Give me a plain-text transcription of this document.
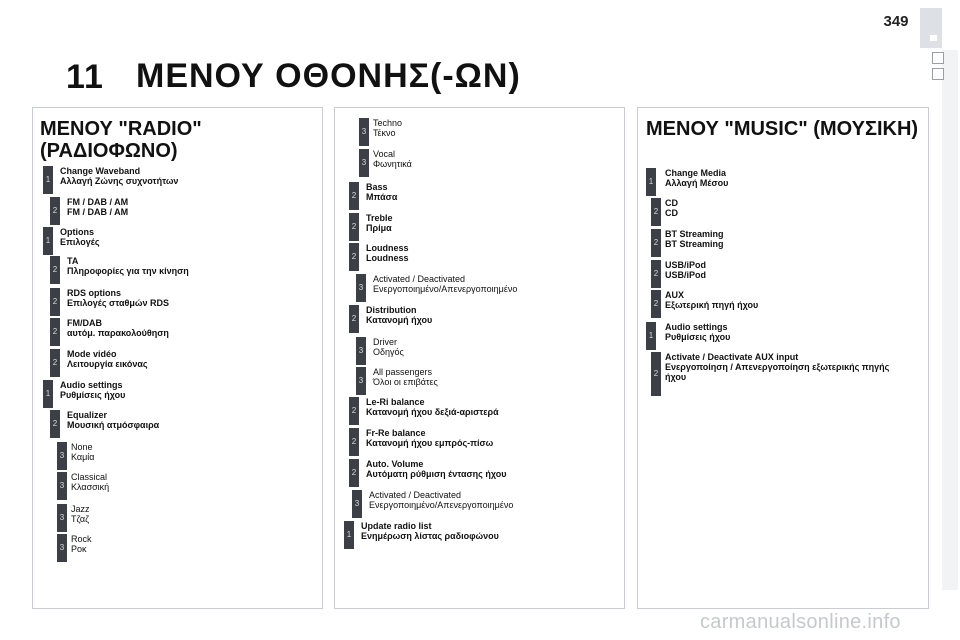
349
11 ΜΕΝΟΥ ΟΘΟΝΗΣ(-ΩΝ)
ΜΕΝΟΥ "RADIO"
(ΡΑΔΙΟΦΩΝΟ)
1
Change Waveband
Αλλαγή Ζώνης συχνοτήτων
2
FM / DAB / AM
FM / DAB / AM
1
Options
Επιλογές
2
TA
Πληροφορίες για την κίνηση
2
RDS options
Επιλογές σταθμών RDS
2
FM/DAB
αυτόμ. παρακολούθηση
2
Mode vidéo
Λειτουργία εικόνας
1
Audio settings
Ρυθμίσεις ήχου
2
Equalizer
Μουσική ατμόσφαιρα
3
None
Καμία
3
Classical
Κλασσική
3
Jazz
Τζαζ
3
Rock
Ροκ
3
Techno
Τέκνο
3
Vocal
Φωνητικά
2
Bass
Μπάσα
2
Treble
Πρίμα
2
Loudness
Loudness
3
Activated / Deactivated
Ενεργοποιημένο/Απενεργοποιημένο
2
Distribution
Κατανομή ήχου
3
Driver
Οδηγός
3
All passengers
Όλοι οι επιβάτες
2
Le-Ri balance
Κατανομή ήχου δεξιά-αριστερά
2
Fr-Re balance
Κατανομή ήχου εμπρός-πίσω
2
Auto. Volume
Αυτόματη ρύθμιση έντασης ήχου
3
Activated / Deactivated
Ενεργοποιημένο/Απενεργοποιημένο
1
Update radio list
Ενημέρωση λίστας ραδιοφώνου
ΜΕΝΟΥ "MUSIC" (ΜΟΥΣΙΚΗ)
1
Change Media
Αλλαγή Μέσου
2
CD
CD
2
BT Streaming
BT Streaming
2
USB/iPod
USB/iPod
2
AUX
Εξωτερική πηγή ήχου
1
Audio settings
Ρυθμίσεις ήχου
2
Activate / Deactivate AUX input
Ενεργοποίηση / Απενεργοποίηση εξωτερικής πηγής
ήχου
carmanualsonline.info
